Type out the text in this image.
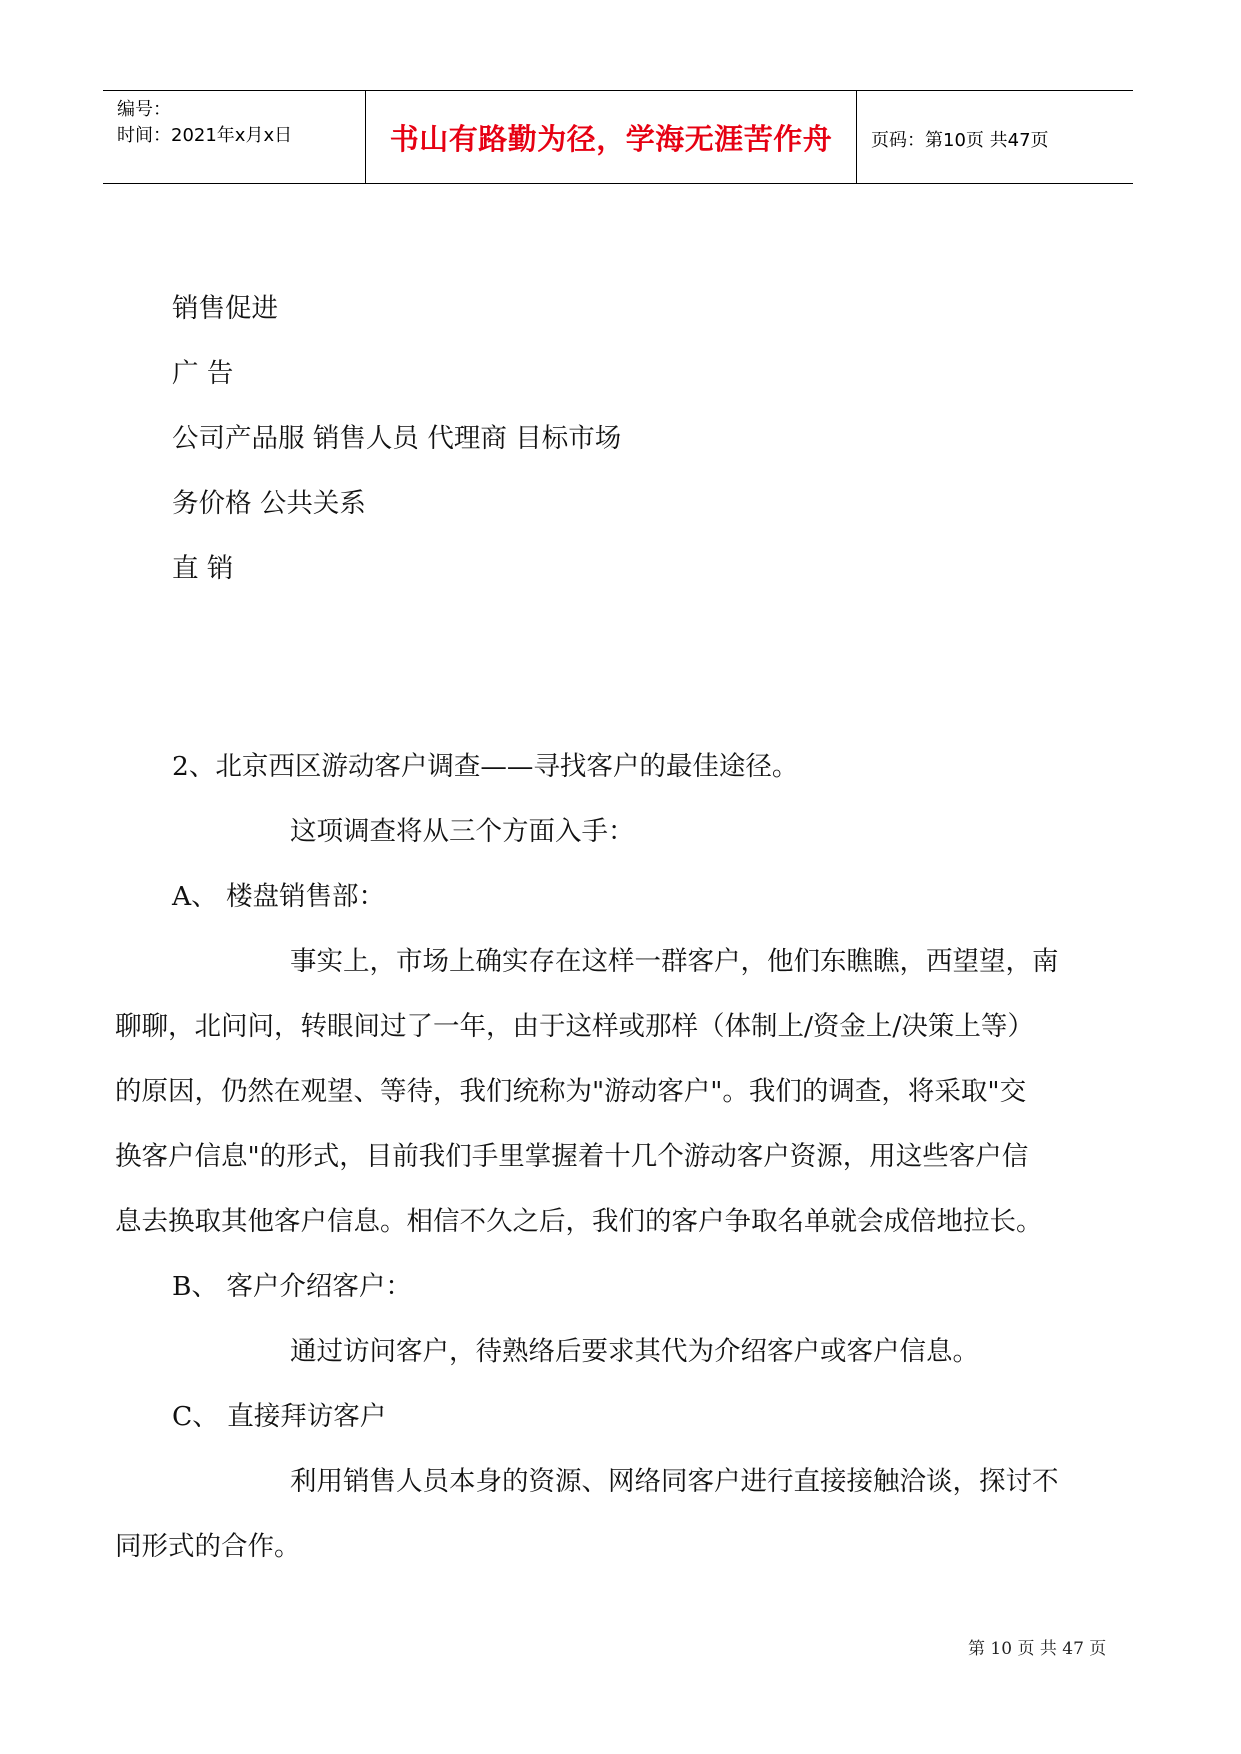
编号：
时间：2021年x月x日	书山有路勤为径，学海无涯苦作舟	页码：第10页 共47页
销售促进
广 告
公司产品服 销售人员 代理商 目标市场
务价格 公共关系
直 销
2、北京西区游动客户调查——寻找客户的最佳途径。
这项调查将从三个方面入手：
A、 楼盘销售部：
事实上，市场上确实存在这样一群客户，他们东瞧瞧，西望望，南
聊聊，北问问，转眼间过了一年，由于这样或那样（体制上/资金上/决策上等）
的原因，仍然在观望、等待，我们统称为"游动客户"。我们的调查，将采取"交
换客户信息"的形式，目前我们手里掌握着十几个游动客户资源，用这些客户信
息去换取其他客户信息。相信不久之后，我们的客户争取名单就会成倍地拉长。
B、 客户介绍客户：
通过访问客户，待熟络后要求其代为介绍客户或客户信息。
C、 直接拜访客户
利用销售人员本身的资源、网络同客户进行直接接触洽谈，探讨不
同形式的合作。
第 10 页 共 47 页
